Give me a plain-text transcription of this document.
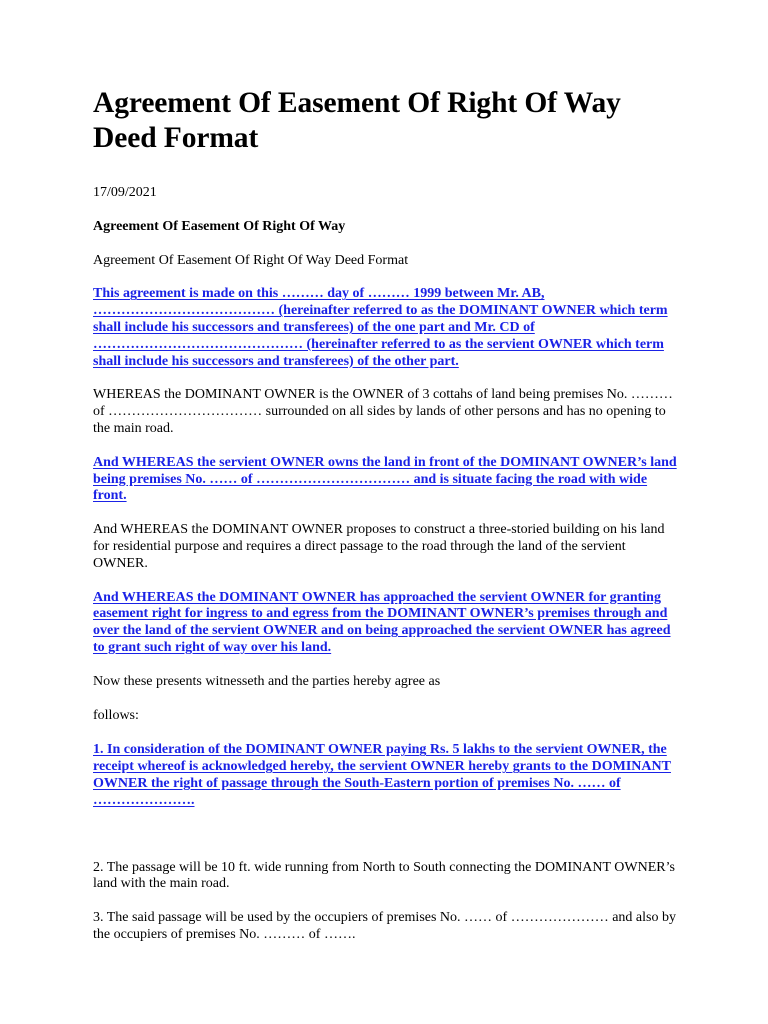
Agreement Of Easement Of Right Of Way Deed Format

17/09/2021

Agreement Of Easement Of Right Of Way

Agreement Of Easement Of Right Of Way Deed Format

This agreement is made on this ……… day of ……… 1999 between Mr. AB, ………………………………… (hereinafter referred to as the DOMINANT OWNER which term shall include his successors and transferees) of the one part and Mr. CD of ……………………………………… (hereinafter referred to as the servient OWNER which term shall include his successors and transferees) of the other part.

WHEREAS the DOMINANT OWNER is the OWNER of 3 cottahs of land being premises No. ……… of …………………………… surrounded on all sides by lands of other persons and has no opening to the main road.

And WHEREAS the servient OWNER owns the land in front of the DOMINANT OWNER’s land being premises No. …… of …………………………… and is situate facing the road with wide front.

And WHEREAS the DOMINANT OWNER proposes to construct a three-storied building on his land for residential purpose and requires a direct passage to the road through the land of the servient OWNER.

And WHEREAS the DOMINANT OWNER has approached the servient OWNER for granting easement right for ingress to and egress from the DOMINANT OWNER’s premises through and over the land of the servient OWNER and on being approached the servient OWNER has agreed to grant such right of way over his land.

Now these presents witnesseth and the parties hereby agree as

follows:

1. In consideration of the DOMINANT OWNER paying Rs. 5 lakhs to the servient OWNER, the receipt whereof is acknowledged hereby, the servient OWNER hereby grants to the DOMINANT OWNER the right of passage through the South-Eastern portion of premises No. …… of ………………….

2. The passage will be 10 ft. wide running from North to South connecting the DOMINANT OWNER’s land with the main road.

3. The said passage will be used by the occupiers of premises No. …… of ………………… and also by the occupiers of premises No. ……… of …….
